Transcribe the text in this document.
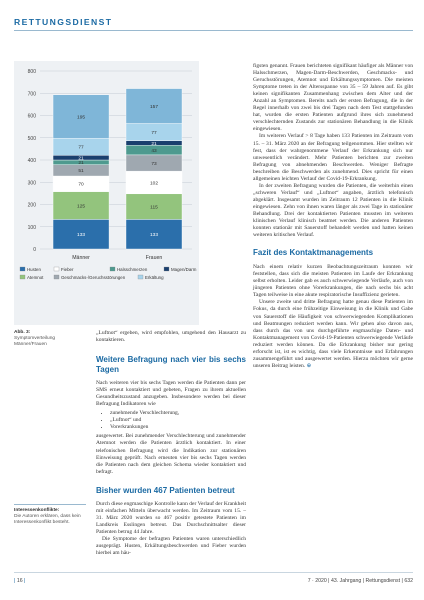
RETTUNGSDIENST
0
100
200
300
400
500
600
700
800
133
125
70
51
21
21
77
195
Männer
133
115
102
73
43
21
77
157
Frauen
Husten	Fieber	Halsschmerzen	Magen/Darm
Atemnot	Geschmacks-/Geruchsstörungen	Erkältung
Abb. 3: Symptomverteilung Männer/Frauen

„Luftnot“ ergeben, wird empfohlen, umgehend den Hausarzt zu kontaktieren.

Weitere Befragung nach vier bis sechs Tagen

Nach weiteren vier bis sechs Tagen werden die Patienten dann per SMS erneut kontaktiert und gebeten, Fragen zu ihrem aktuellen Gesundheitszustand anzugeben. Insbesondere werden bei dieser Befragung Indikatoren wie

• zunehmende Verschlechterung,
• „Luftnot“ und
• Vorerkrankungen

ausgewertet. Bei zunehmender Verschlechterung und zunehmender Atemnot werden die Patienten ärztlich kontaktiert. In einer telefonischen Befragung wird die Indikation zur stationären Einweisung geprüft. Nach erneuten vier bis sechs Tagen werden die Patienten nach dem gleichen Schema wieder kontaktiert und befragt.

Bisher wurden 467 Patienten betreut

Durch diese engmaschige Kontrolle kann der Verlauf der Krankheit mit einfachen Mitteln überwacht werden. Im Zeitraum vom 15. – 31. März 2020 wurden so 467 positiv getestete Patienten im Landkreis Esslingen betreut. Das Durchschnittsalter dieser Patienten betrug 44 Jahre.

Die Symptome der befragten Patienten waren unterschiedlich ausgeprägt. Husten, Erkältungsbeschwerden und Fieber wurden hierbei am häu-

Interessenkonflikte:
Die Autoren erklären, dass kein Interessenkonflikt besteht.

figsten genannt. Frauen berichteten signifikant häufiger als Männer von Halsschmerzen, Magen-Darm-Beschwerden, Geschmacks- und Geruchsstörungen, Atemnot und Erkältungssymptomen. Die meisten Symptome treten in der Altersspanne von 35 – 59 Jahren auf. Es gibt keinen signifikanten Zusammenhang zwischen dem Alter und der Anzahl an Symptomen. Bereits nach der ersten Befragung, die in der Regel innerhalb von zwei bis drei Tagen nach dem Test stattgefunden hat, wurden die ersten Patienten aufgrund ihres sich zunehmend verschlechternden Zustands zur stationären Behandlung in die Klinik eingewiesen.

Im weiteren Verlauf > 8 Tage haben 133 Patienten im Zeitraum vom 15. – 31. März 2020 an der Befragung teilgenommen. Hier stellten wir fest, dass der wahrgenommene Verlauf der Erkrankung sich nur unwesentlich verändert. Mehr Patienten berichten zur zweiten Befragung von abnehmenden Beschwerden. Weniger Befragte beschreiben die Beschwerden als zunehmend. Dies spricht für einen allgemeinen leichten Verlauf der Covid-19-Erkrankung.

In der zweiten Befragung wurden die Patienten, die weiterhin einen „schweren Verlauf“ und „Luftnot“ angaben, ärztlich telefonisch abgeklärt. Insgesamt wurden im Zeitraum 12 Patienten in die Klinik eingewiesen. Zehn von ihnen waren länger als zwei Tage in stationärer Behandlung. Drei der kontaktierten Patienten mussten im weiteren klinischen Verlauf klinisch beatmet werden. Die anderen Patienten konnten stationär mit Sauerstoff behandelt werden und hatten keinen weiteren kritischen Verlauf.

Fazit des Kontaktmanagements

Nach einem relativ kurzen Beobachtungszeitraum konnten wir feststellen, dass sich die meisten Patienten im Laufe der Erkrankung selbst erholten. Leider gab es auch schwerwiegende Verläufe, auch von jüngeren Patienten ohne Vorerkrankungen, die nach sechs bis acht Tagen teilweise in eine akute respiratorische Insuffizienz gerieten.

Unsere zweite und dritte Befragung hatte genau diese Patienten im Fokus, da durch eine frühzeitige Einweisung in die Klinik und Gabe von Sauerstoff die Häufigkeit von schwerwiegenden Komplikationen und Beatmungen reduziert werden kann. Wir gehen also davon aus, dass durch das von uns durchgeführte engmaschige Daten- und Kontaktmanagement von Covid-19-Patienten schwerwiegende Verläufe reduziert werden können. Da die Erkrankung bisher nur gering erforscht ist, ist es wichtig, dass viele Erkenntnisse und Erfahrungen zusammengeführt und ausgewertet werden. Hierzu möchten wir gerne unseren Beitrag leisten. ⊕

| 16 |	7 · 2020 | 43. Jahrgang | Rettungsdienst | 632
